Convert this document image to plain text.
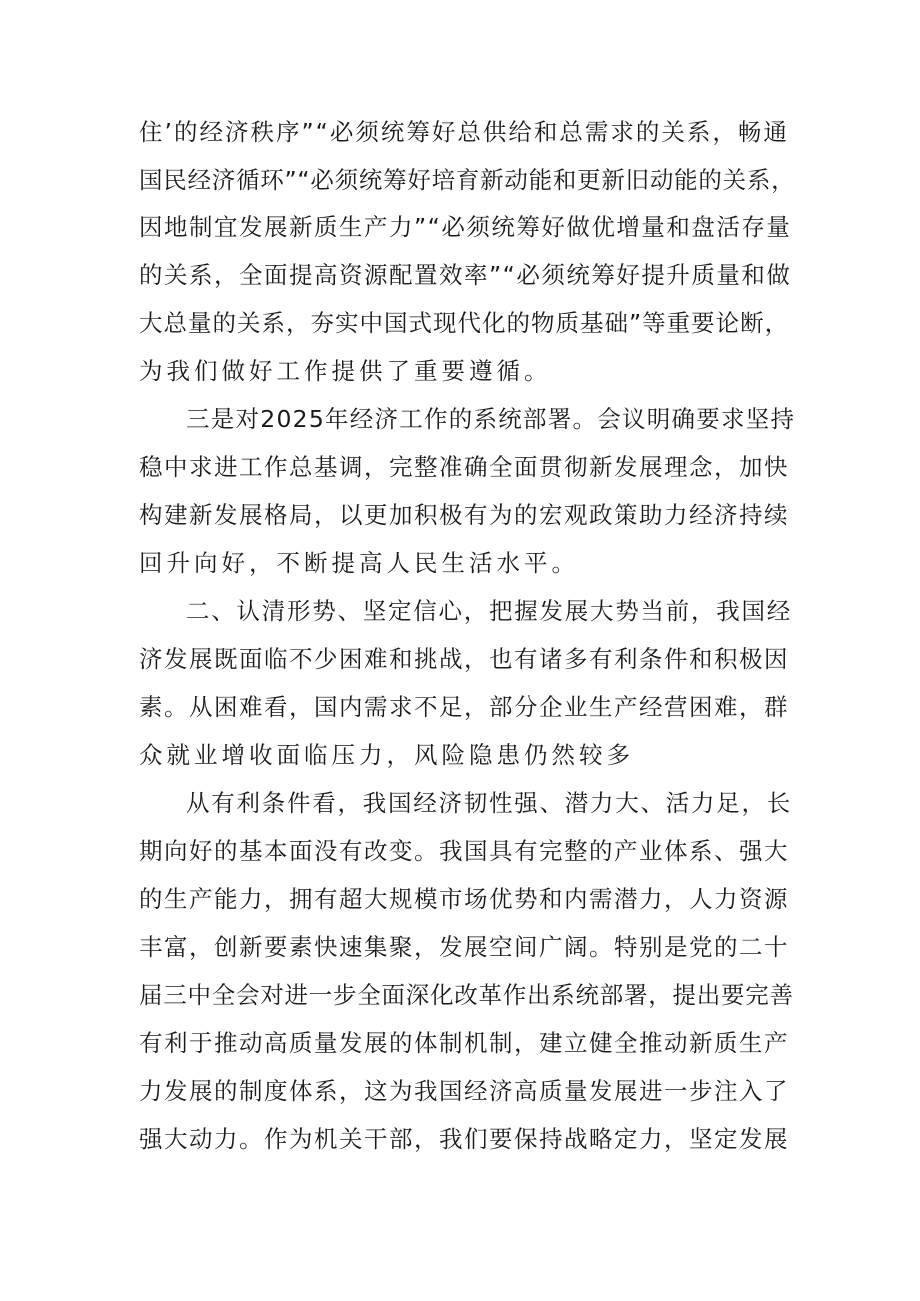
住’的经济秩序”“必须统筹好总供给和总需求的关系，畅通
国民经济循环”“必须统筹好培育新动能和更新旧动能的关系，
因地制宜发展新质生产力”“必须统筹好做优增量和盘活存量
的关系，全面提高资源配置效率”“必须统筹好提升质量和做
大总量的关系，夯实中国式现代化的物质基础”等重要论断，
为我们做好工作提供了重要遵循。
三是对2025年经济工作的系统部署。会议明确要求坚持
稳中求进工作总基调，完整准确全面贯彻新发展理念，加快
构建新发展格局，以更加积极有为的宏观政策助力经济持续
回升向好，不断提高人民生活水平。
二、认清形势、坚定信心，把握发展大势当前，我国经
济发展既面临不少困难和挑战，也有诸多有利条件和积极因
素。从困难看，国内需求不足，部分企业生产经营困难，群
众就业增收面临压力，风险隐患仍然较多
从有利条件看，我国经济韧性强、潜力大、活力足，长
期向好的基本面没有改变。我国具有完整的产业体系、强大
的生产能力，拥有超大规模市场优势和内需潜力，人力资源
丰富，创新要素快速集聚，发展空间广阔。特别是党的二十
届三中全会对进一步全面深化改革作出系统部署，提出要完善
有利于推动高质量发展的体制机制，建立健全推动新质生产
力发展的制度体系，这为我国经济高质量发展进一步注入了
强大动力。作为机关干部，我们要保持战略定力，坚定发展
